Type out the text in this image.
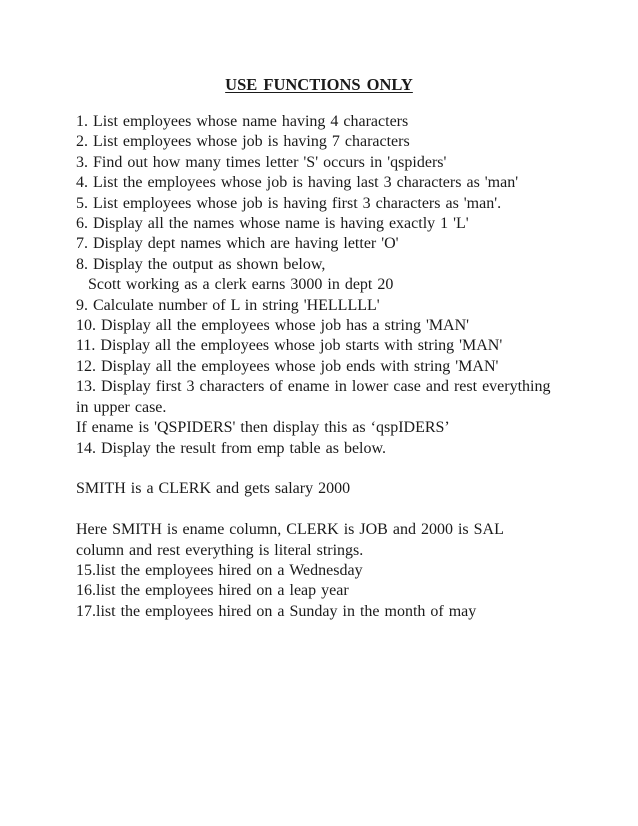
USE FUNCTIONS ONLY

1. List employees whose name having 4 characters

2. List employees whose job is having 7 characters

3. Find out how many times letter 'S' occurs in 'qspiders'

4. List the employees whose job is having last 3 characters as 'man'

5. List employees whose job is having first 3 characters as 'man'.

6. Display all the names whose name is having exactly 1 'L'

7. Display dept names which are having letter 'O'

8. Display the output as shown below,

Scott working as a clerk earns 3000 in dept 20

9. Calculate number of L in string 'HELLLLL'

10. Display all the employees whose job has a string 'MAN'

11. Display all the employees whose job starts with string 'MAN'

12. Display all the employees whose job ends with string 'MAN'

13. Display first 3 characters of ename in lower case and rest everything

in upper case.

If ename is 'QSPIDERS' then display this as ‘qspIDERS’

14. Display the result from emp table as below.

SMITH is a CLERK and gets salary 2000

Here SMITH is ename column, CLERK is JOB and 2000 is SAL

column and rest everything is literal strings.

15.list the employees hired on a Wednesday

16.list the employees hired on a leap year

17.list the employees hired on a Sunday in the month of may
